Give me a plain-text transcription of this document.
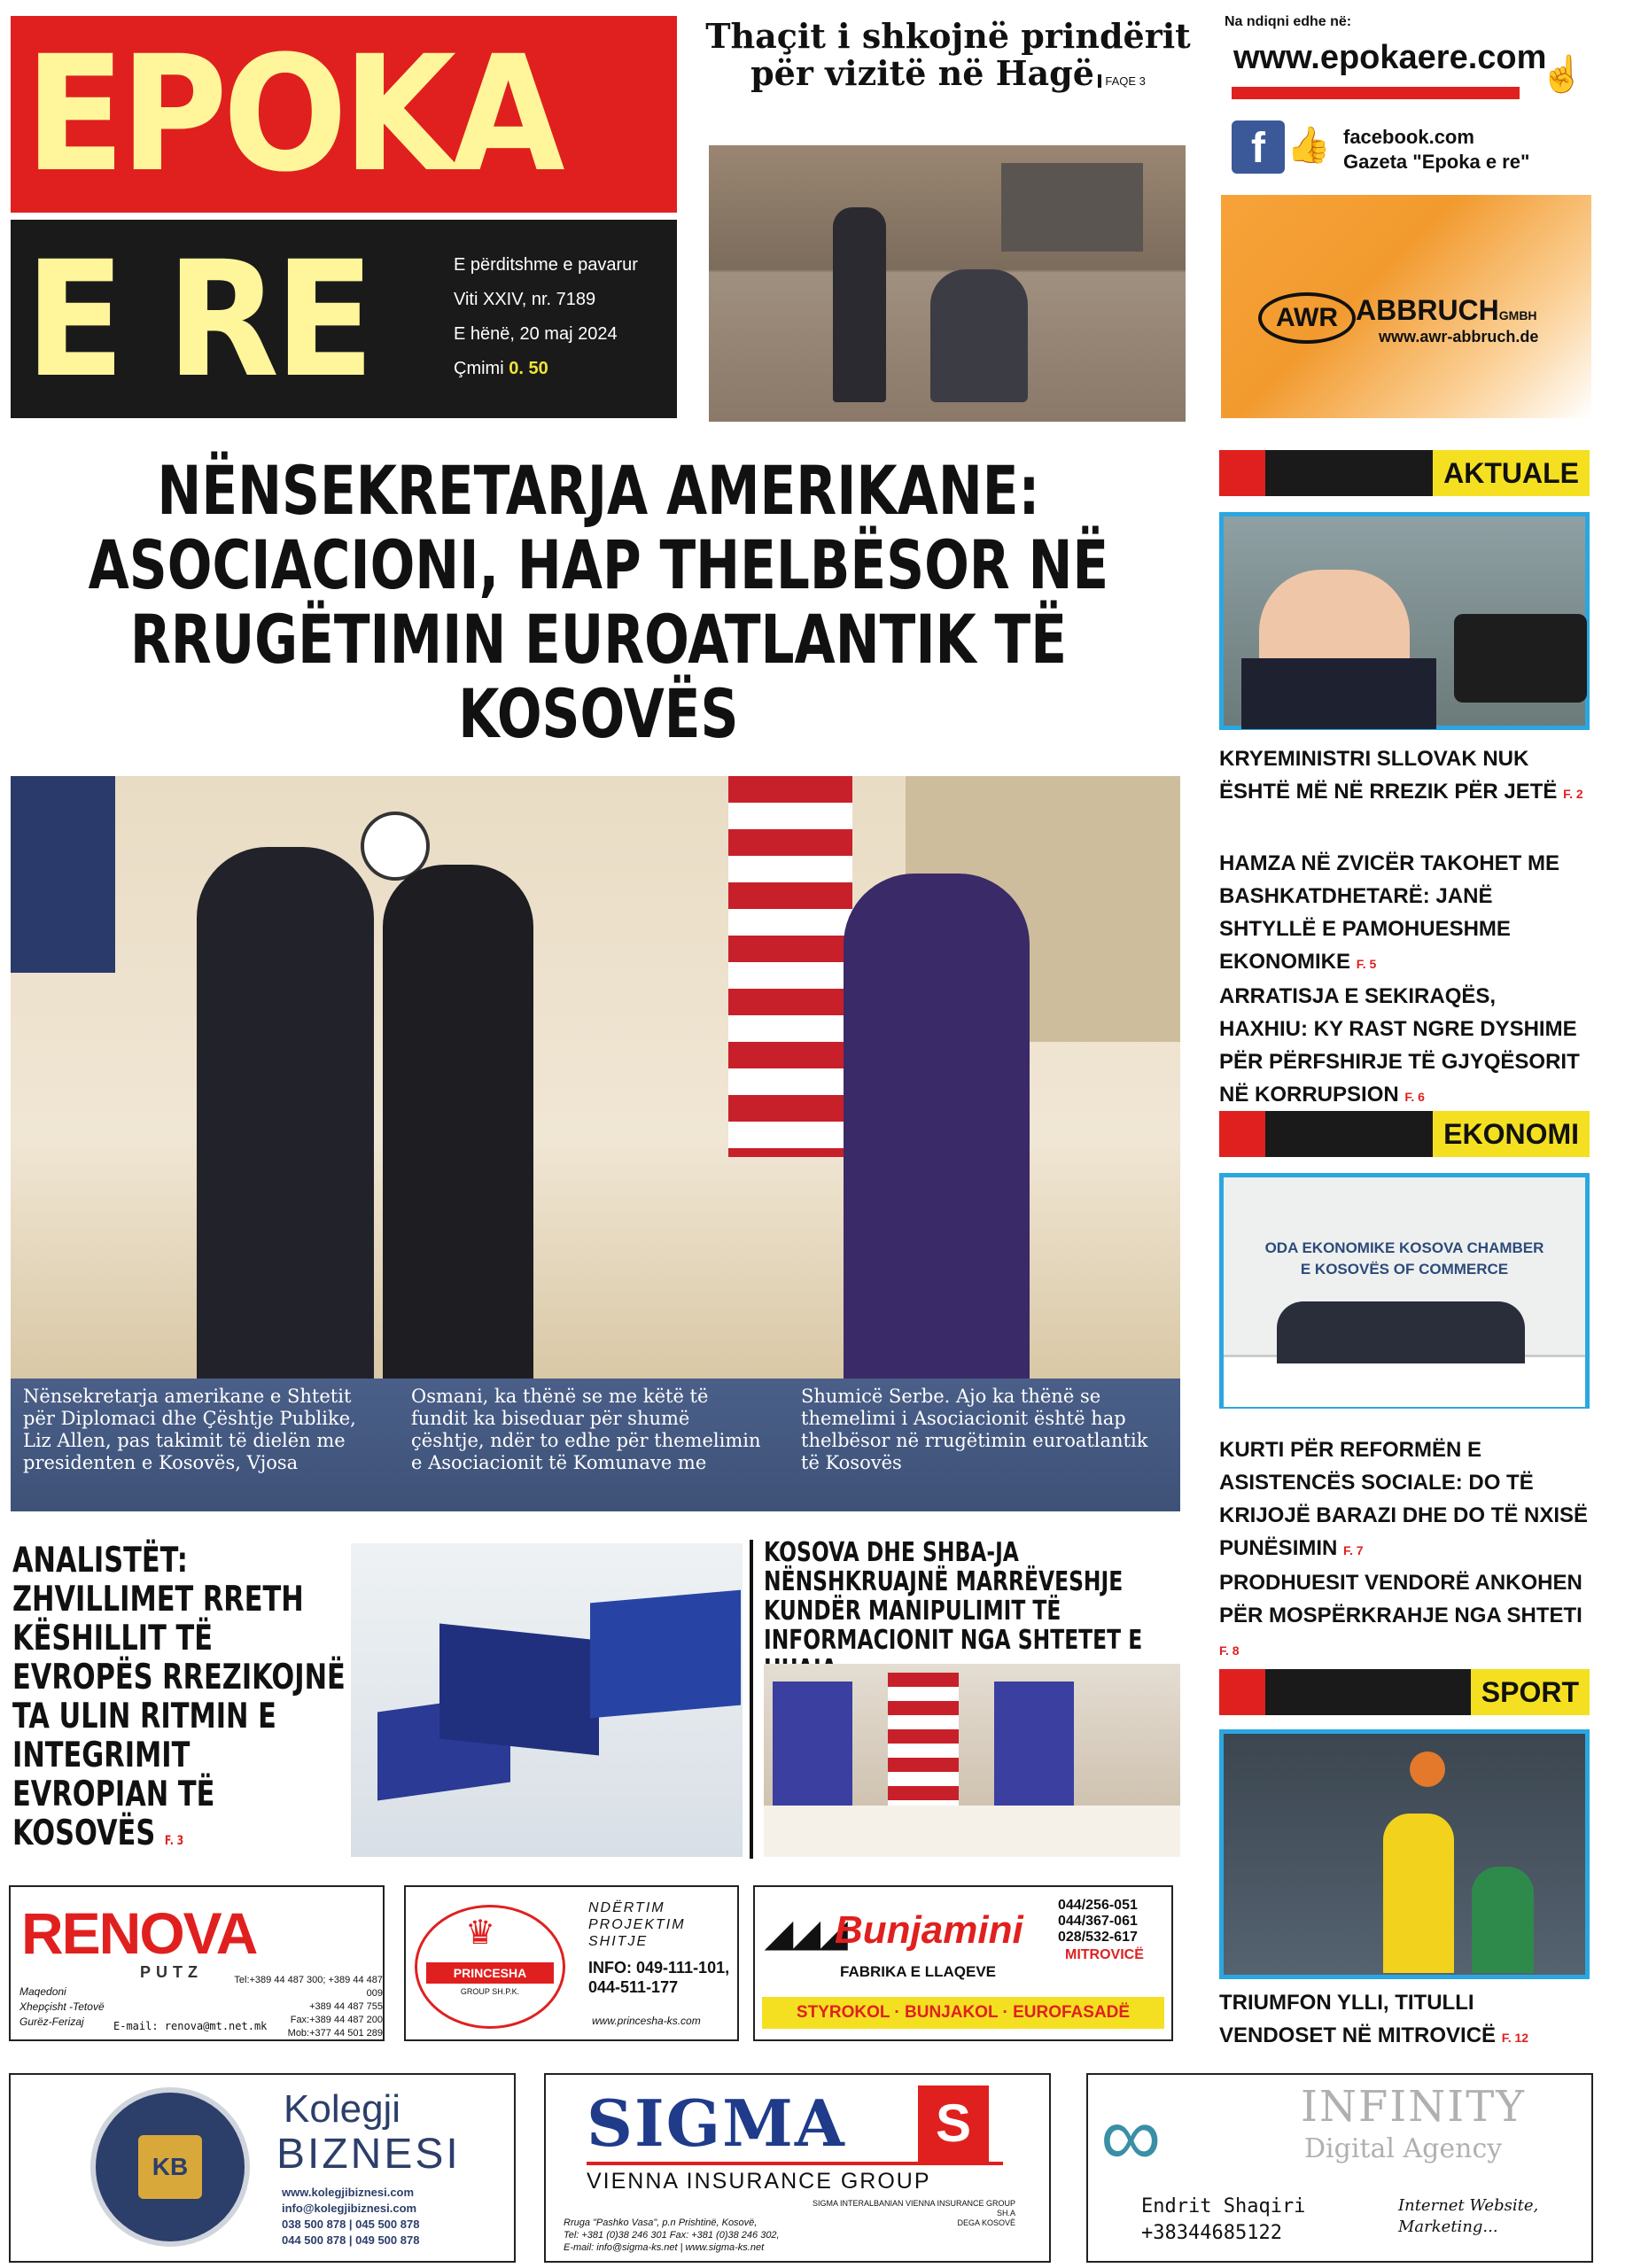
EPOKA
E RE	E përditshme e pavarur
Viti XXIV, nr. 7189
E hënë, 20 maj 2024
Çmimi 0. 50
Thaçit i shkojnë prindërit për vizitë në Hagë FAQE 3
Na ndiqni edhe në:
www.epokaere.com
☝
f 👍 facebook.com
Gazeta "Epoka e re"
AWR ABBRUCHGMBH
www.awr-abbruch.de
NËNSEKRETARJA AMERIKANE: ASOCIACIONI, HAP THELBËSOR NË RRUGËTIMIN EUROATLANTIK TË KOSOVËS
Nënsekretarja amerikane e Shtetit për Diplomaci dhe Çështje Publike, Liz Allen, pas takimit të dielën me presidenten e Kosovës, Vjosa
Osmani, ka thënë se me këtë të fundit ka biseduar për shumë çështje, ndër to edhe për themelimin e Asociacionit të Komunave me
Shumicë Serbe. Ajo ka thënë se themelimi i Asociacionit është hap thelbësor në rrugëtimin euroatlantik të Kosovës
ANALISTËT: ZHVILLIMET RRETH KËSHILLIT TË EVROPËS RREZIKOJNË TA ULIN RITMIN E INTEGRIMIT EVROPIAN TË KOSOVËS F. 3
KOSOVA DHE SHBA-JA NËNSHKRUAJNË MARRËVESHJE KUNDËR MANIPULIMIT TË INFORMACIONIT NGA SHTETET E
AKTUALE
KRYEMINISTRI SLLOVAK NUK ËSHTË MË NË RREZIK PËR JETË F. 2
HAMZA NË ZVICËR TAKOHET ME BASHKATDHETARË: JANË SHTYLLË E PAMOHUESHME EKONOMIKE F. 5
ARRATISJA E SEKIRAQËS, HAXHIU: KY RAST NGRE DYSHIME PËR PËRFSHIRJE TË GJYQËSORIT NË KORRUPSION F. 6
EKONOMI
ODA EKONOMIKE KOSOVA CHAMBER
E KOSOVËS OF COMMERCE
KURTI PËR REFORMËN E ASISTENCËS SOCIALE: DO TË KRIJOJË BARAZI DHE DO TË NXISË PUNËSIMIN F. 7
PRODHUESIT VENDORË ANKOHEN PËR MOSPËRKRAHJE NGA SHTETI F. 8
SPORT
TRIUMFON YLLI, TITULLI VENDOSET NË MITROVICË F. 12
RENOVA
PUTZ
Maqedoni
Xhepçisht -Tetovë
Gurëz-Ferizaj
Tel:+389 44 487 300; +389 44 487 009
+389 44 487 755
Fax:+389 44 487 200
Mob:+377 44 501 289
E-mail: renova@mt.net.mk
♛
PRINCESHA
GROUP SH.P.K.
NDËRTIM
PROJEKTIM
SHITJE
INFO: 049-111-101,
044-511-177
www.princesha-ks.com
◢◢◢
Bunjamini
044/256-051
044/367-061
028/532-617
MITROVICË
FABRIKA E LLAQEVE
STYROKOL · BUNJAKOL · EUROFASADË
KB
Kolegji
BIZNESI
www.kolegjibiznesi.com
info@kolegjibiznesi.com
038 500 878 | 045 500 878
044 500 878 | 049 500 878
SIGMA	S
VIENNA INSURANCE GROUP
SIGMA INTERALBANIAN VIENNA INSURANCE GROUP SH.A
DEGA KOSOVË
Rruga "Pashko Vasa", p.n Prishtinë, Kosovë,
Tel: +381 (0)38 246 301 Fax: +381 (0)38 246 302,
E-mail: info@sigma-ks.net | www.sigma-ks.net
∞	INFINITY
Digital Agency
Endrit Shaqiri
+38344685122
Internet Website,
Marketing...
